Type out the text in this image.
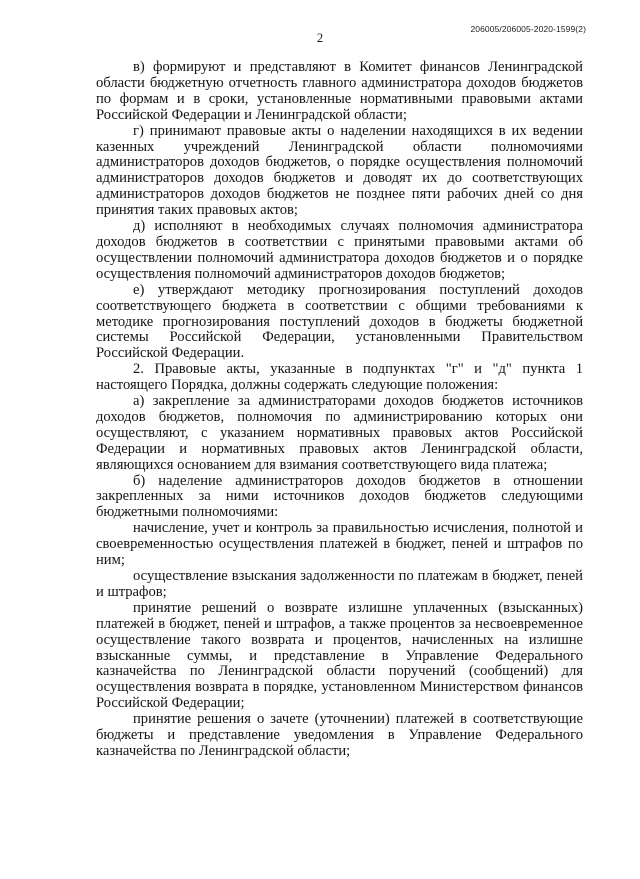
206005/206005-2020-1599(2)
2

в) формируют и представляют в Комитет финансов Ленинградской области бюджетную отчетность главного администратора доходов бюджетов по формам и в сроки, установленные нормативными правовыми актами Российской Федерации и Ленинградской области;

г) принимают правовые акты о наделении находящихся в их ведении казенных учреждений Ленинградской области полномочиями администраторов доходов бюджетов, о порядке осуществления полномочий администраторов доходов бюджетов и доводят их до соответствующих администраторов доходов бюджетов не позднее пяти рабочих дней со дня принятия таких правовых актов;

д) исполняют в необходимых случаях полномочия администратора доходов бюджетов в соответствии с принятыми правовыми актами об осуществлении полномочий администратора доходов бюджетов и о порядке осуществления полномочий администраторов доходов бюджетов;

е) утверждают методику прогнозирования поступлений доходов соответствующего бюджета в соответствии с общими требованиями к методике прогнозирования поступлений доходов в бюджеты бюджетной системы Российской Федерации, установленными Правительством Российской Федерации.

2. Правовые акты, указанные в подпунктах "г" и "д" пункта 1 настоящего Порядка, должны содержать следующие положения:

а) закрепление за администраторами доходов бюджетов источников доходов бюджетов, полномочия по администрированию которых они осуществляют, с указанием нормативных правовых актов Российской Федерации и нормативных правовых актов Ленинградской области, являющихся основанием для взимания соответствующего вида платежа;

б) наделение администраторов доходов бюджетов в отношении закрепленных за ними источников доходов бюджетов следующими бюджетными полномочиями:

начисление, учет и контроль за правильностью исчисления, полнотой и своевременностью осуществления платежей в бюджет, пеней и штрафов по ним;

осуществление взыскания задолженности по платежам в бюджет, пеней и штрафов;

принятие решений о возврате излишне уплаченных (взысканных) платежей в бюджет, пеней и штрафов, а также процентов за несвоевременное осуществление такого возврата и процентов, начисленных на излишне взысканные суммы, и представление в Управление Федерального казначейства по Ленинградской области поручений (сообщений) для осуществления возврата в порядке, установленном Министерством финансов Российской Федерации;

принятие решения о зачете (уточнении) платежей в соответствующие бюджеты и представление уведомления в Управление Федерального казначейства по Ленинградской области;
